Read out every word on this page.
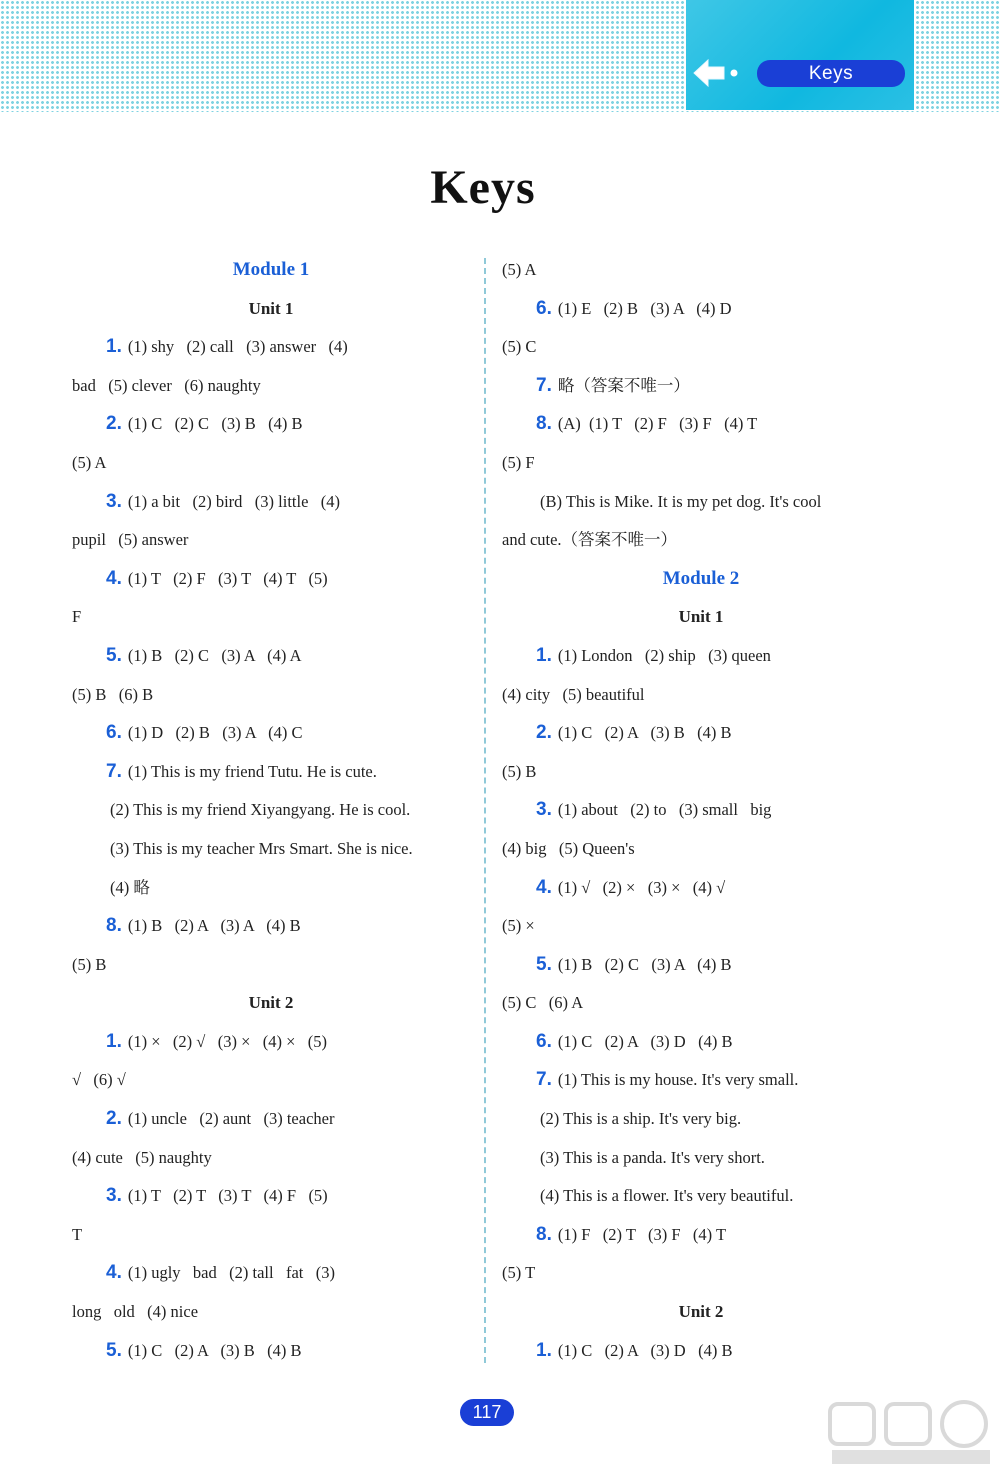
Keys
Keys
Module 1
Unit 1
1. (1) shy   (2) call   (3) answer   (4)
bad   (5) clever   (6) naughty
2. (1) C   (2) C   (3) B   (4) B
(5) A
3. (1) a bit   (2) bird   (3) little   (4)
pupil   (5) answer
4. (1) T   (2) F   (3) T   (4) T   (5)
F
5. (1) B   (2) C   (3) A   (4) A
(5) B   (6) B
6. (1) D   (2) B   (3) A   (4) C
7. (1) This is my friend Tutu. He is cute.
(2) This is my friend Xiyangyang. He is cool.
(3) This is my teacher Mrs Smart. She is nice.
(4) 略
8. (1) B   (2) A   (3) A   (4) B
(5) B
Unit 2
1. (1) ×   (2) √   (3) ×   (4) ×   (5)
√   (6) √
2. (1) uncle   (2) aunt   (3) teacher
(4) cute   (5) naughty
3. (1) T   (2) T   (3) T   (4) F   (5)
T
4. (1) ugly   bad   (2) tall   fat   (3)
long   old   (4) nice
5. (1) C   (2) A   (3) B   (4) B
(5) A
6. (1) E   (2) B   (3) A   (4) D
(5) C
7. 略（答案不唯一）
8. (A)  (1) T   (2) F   (3) F   (4) T
(5) F
(B) This is Mike. It is my pet dog. It's cool
and cute.（答案不唯一）
Module 2
Unit 1
1. (1) London   (2) ship   (3) queen
(4) city   (5) beautiful
2. (1) C   (2) A   (3) B   (4) B
(5) B
3. (1) about   (2) to   (3) small   big
(4) big   (5) Queen's
4. (1) √   (2) ×   (3) ×   (4) √
(5) ×
5. (1) B   (2) C   (3) A   (4) B
(5) C   (6) A
6. (1) C   (2) A   (3) D   (4) B
7. (1) This is my house. It's very small.
(2) This is a ship. It's very big.
(3) This is a panda. It's very short.
(4) This is a flower. It's very beautiful.
8. (1) F   (2) T   (3) F   (4) T
(5) T
Unit 2
1. (1) C   (2) A   (3) D   (4) B
117
